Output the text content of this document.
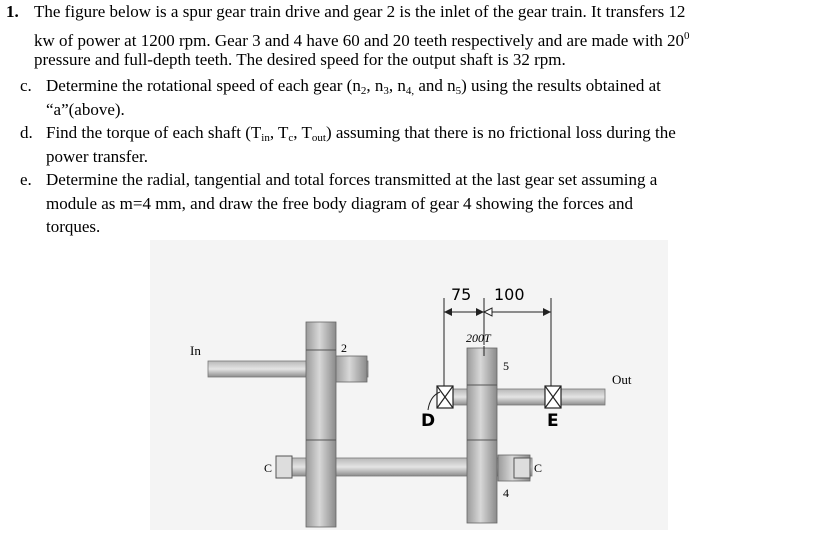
1. The figure below is a spur gear train drive and gear 2 is the inlet of the gear train. It transfers 12
kw of power at 1200 rpm. Gear 3 and 4 have 60 and 20 teeth respectively and are made with $20^0$
pressure and full-depth teeth. The desired speed for the output shaft is 32 rpm.
c. Determine the rotational speed of each gear ($n_2$, $n_3$, $n_{4,}$ and $n_5$) using the results obtained at
“a”(above).
d. Find the torque of each shaft ($T_{in}$, $T_c$, $T_{out}$) assuming that there is no frictional loss during the
power transfer.
e. Determine the radial, tangential and total forces transmitted at the last gear set assuming a
module as m=4 mm, and draw the free body diagram of gear 4 showing the forces and
torques.
In	2
Out
5
4
C	C
200T
75 100
D	E
